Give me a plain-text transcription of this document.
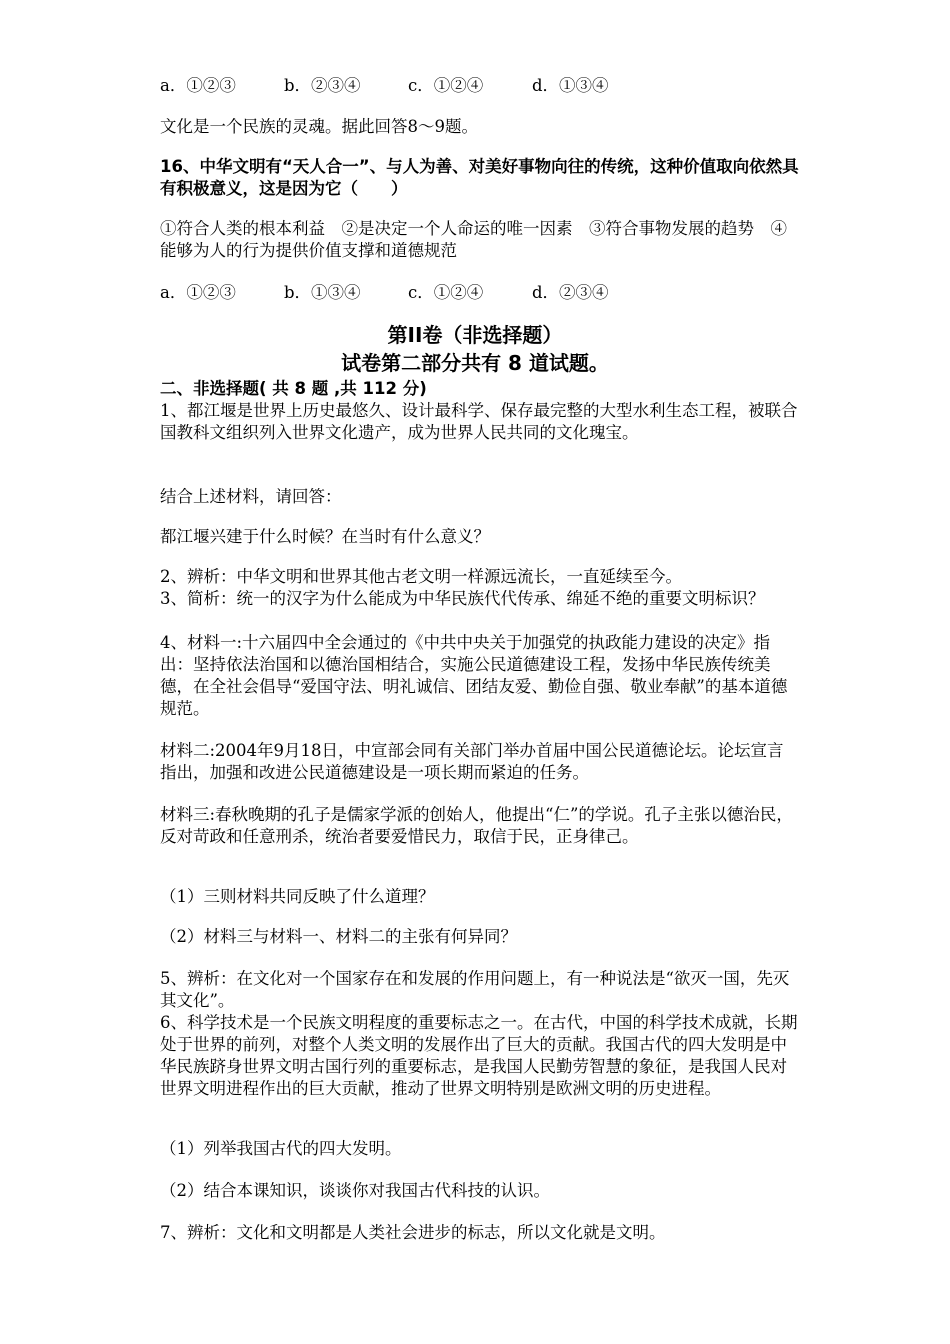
a．①②③	b．②③④	c．①②④	d．①③④
文化是一个民族的灵魂。据此回答8～9题。
16、中华文明有“天人合一”、与人为善、对美好事物向往的传统，这种价值取向依然具有积极意义，这是因为它（　　）
①符合人类的根本利益　②是决定一个人命运的唯一因素　③符合事物发展的趋势　④能够为人的行为提供价值支撑和道德规范
a．①②③	b．①③④	c．①②④	d．②③④
第II卷（非选择题）
试卷第二部分共有 8 道试题。
二、非选择题( 共 8 题 ,共 112 分)
1、都江堰是世界上历史最悠久、设计最科学、保存最完整的大型水利生态工程，被联合国教科文组织列入世界文化遗产，成为世界人民共同的文化瑰宝。
结合上述材料，请回答：
都江堰兴建于什么时候？在当时有什么意义？
2、辨析：中华文明和世界其他古老文明一样源远流长，一直延续至今。
3、简析：统一的汉字为什么能成为中华民族代代传承、绵延不绝的重要文明标识？
4、材料一:十六届四中全会通过的《中共中央关于加强党的执政能力建设的决定》指出：坚持依法治国和以德治国相结合，实施公民道德建设工程，发扬中华民族传统美德，在全社会倡导“爱国守法、明礼诚信、团结友爱、勤俭自强、敬业奉献”的基本道德规范。
材料二:2004年9月18日，中宣部会同有关部门举办首届中国公民道德论坛。论坛宣言指出，加强和改进公民道德建设是一项长期而紧迫的任务。
材料三:春秋晚期的孔子是儒家学派的创始人，他提出“仁”的学说。孔子主张以德治民，反对苛政和任意刑杀，统治者要爱惜民力，取信于民，正身律己。
（1）三则材料共同反映了什么道理？
（2）材料三与材料一、材料二的主张有何异同？
5、辨析：在文化对一个国家存在和发展的作用问题上，有一种说法是“欲灭一国，先灭其文化”。
6、科学技术是一个民族文明程度的重要标志之一。在古代，中国的科学技术成就，长期处于世界的前列，对整个人类文明的发展作出了巨大的贡献。我国古代的四大发明是中华民族跻身世界文明古国行列的重要标志，是我国人民勤劳智慧的象征，是我国人民对世界文明进程作出的巨大贡献，推动了世界文明特别是欧洲文明的历史进程。
（1）列举我国古代的四大发明。
（2）结合本课知识，谈谈你对我国古代科技的认识。
7、辨析：文化和文明都是人类社会进步的标志，所以文化就是文明。
